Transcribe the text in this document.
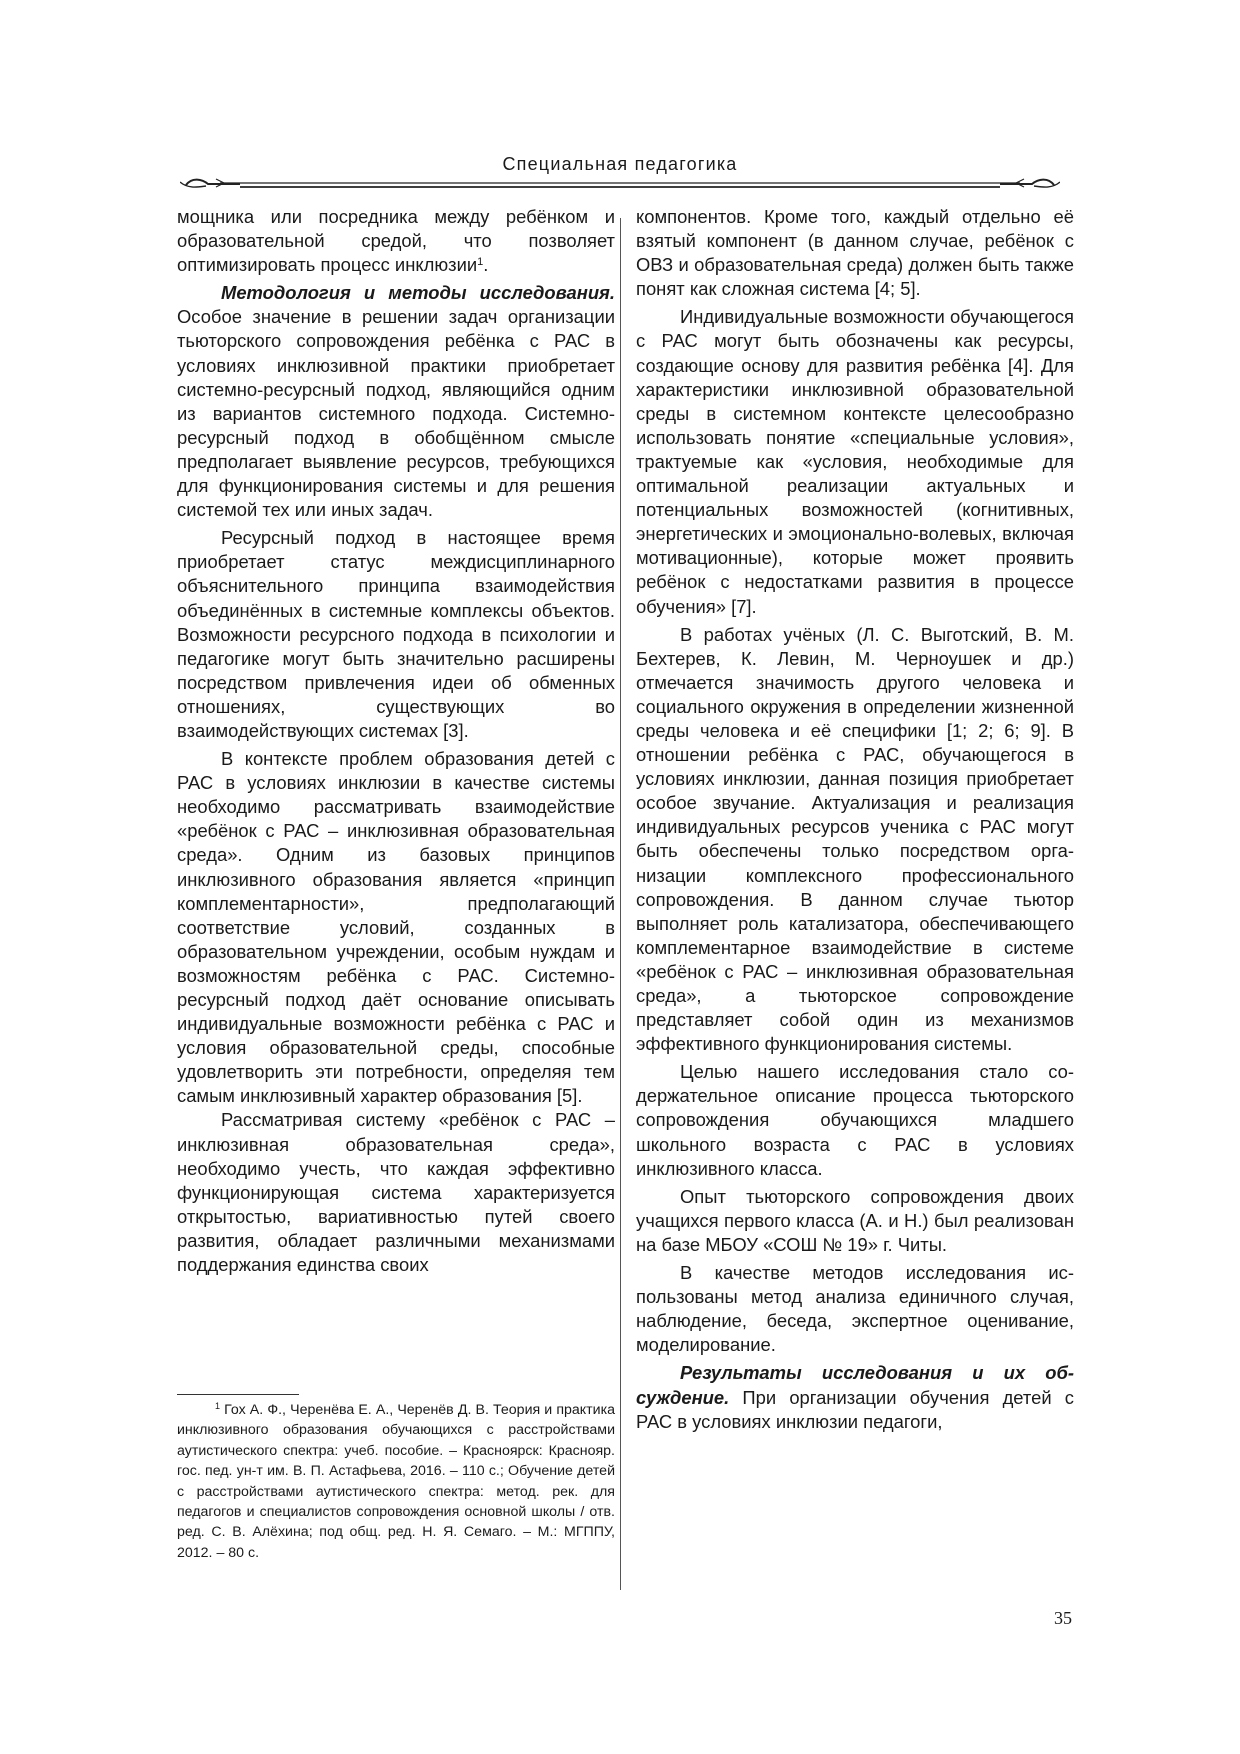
Специальная педагогика

мощника или посредника между ребёнком и образовательной средой, что позволяет оптимизировать процесс инклюзии$^1$.

Методология и методы исследования. Особое значение в решении задач организации тьюторского сопровождения ребёнка с РАС в условиях инклюзивной практики приобретает системно-ресурсный подход, являющийся одним из вариантов системного подхода. Системно-ресурсный подход в обобщённом смысле предполагает выявление ресурсов, требующихся для функционирования системы и для решения системой тех или иных задач.

Ресурсный подход в настоящее время приобретает статус междисциплинарного объяснительного принципа взаимодействия объединённых в системные комплексы объектов. Возможности ресурсного подхода в психологии и педагогике могут быть значительно расширены посредством привлечения идеи об обменных отношениях, существующих во взаимодействующих системах [3].

В контексте проблем образования детей с РАС в условиях инклюзии в качестве системы необходимо рассматривать взаимодействие «ребёнок с РАС – инклюзивная образовательная среда». Одним из базовых принципов инклюзивного образования является «принцип комплементарности», предполагающий соответствие условий, созданных в образовательном учреждении, особым нуждам и возможностям ребёнка с РАС. Системно-ресурсный подход даёт основание описывать индивидуальные возможности ребёнка с РАС и условия образовательной среды, способные удовлетворить эти потребности, определяя тем самым инклюзивный характер образования [5].

Рассматривая систему «ребёнок с РАС – инклюзивная образовательная среда», необходимо учесть, что каждая эффективно функционирующая система характеризуется открытостью, вариативностью путей своего развития, обладает различными механизмами поддержания единства своих

$^1$ Гох А. Ф., Черенёва Е. А., Черенёв Д. В. Теория и практика инклюзивного образования обучающихся с расстройствами аутистического спектра: учеб. пособие. – Красноярск: Краснояр. гос. пед. ун-т им. В. П. Астафьева, 2016. – 110 с.; Обучение детей с расстройствами аутистического спектра: метод. рек. для педагогов и специалистов сопровождения основной школы / отв. ред. С. В. Алёхина; под общ. ред. Н. Я. Семаго. – М.: МГППУ, 2012. – 80 с.

компонентов. Кроме того, каждый отдельно её взятый компонент (в данном случае, ребёнок с ОВЗ и образовательная среда) должен быть также понят как сложная система [4; 5].

Индивидуальные возможности обучающегося с РАС могут быть обозначены как ресурсы, создающие основу для развития ребёнка [4]. Для характеристики инклюзивной образовательной среды в системном контексте целесообразно использовать понятие «специальные условия», трактуемые как «условия, необходимые для оптимальной реализации актуальных и потенциальных возможностей (когнитивных, энергетических и эмоционально-волевых, включая мотивационные), которые может проявить ребёнок с недостатками развития в процессе обучения» [7].

В работах учёных (Л. С. Выготский, В. М. Бехтерев, К. Левин, М. Черноушек и др.) отмечается значимость другого человека и социального окружения в определении жизненной среды человека и её специфики [1; 2; 6; 9]. В отношении ребёнка с РАС, обучающегося в условиях инклюзии, данная позиция приобретает особое звучание. Актуализация и реализация индивидуальных ресурсов ученика с РАС могут быть обеспечены только посредством организации комплексного профессионального сопровождения. В данном случае тьютор выполняет роль катализатора, обеспечивающего комплементарное взаимодействие в системе «ребёнок с РАС – инклюзивная образовательная среда», а тьюторское сопровождение представляет собой один из механизмов эффективного функционирования системы.

Целью нашего исследования стало содержательное описание процесса тьюторского сопровождения обучающихся младшего школьного возраста с РАС в условиях инклюзивного класса.

Опыт тьюторского сопровождения двоих учащихся первого класса (А. и Н.) был реализован на базе МБОУ «СОШ № 19» г. Читы.

В качестве методов исследования использованы метод анализа единичного случая, наблюдение, беседа, экспертное оценивание, моделирование.

Результаты исследования и их обсуждение. При организации обучения детей с РАС в условиях инклюзии педагоги,

35
